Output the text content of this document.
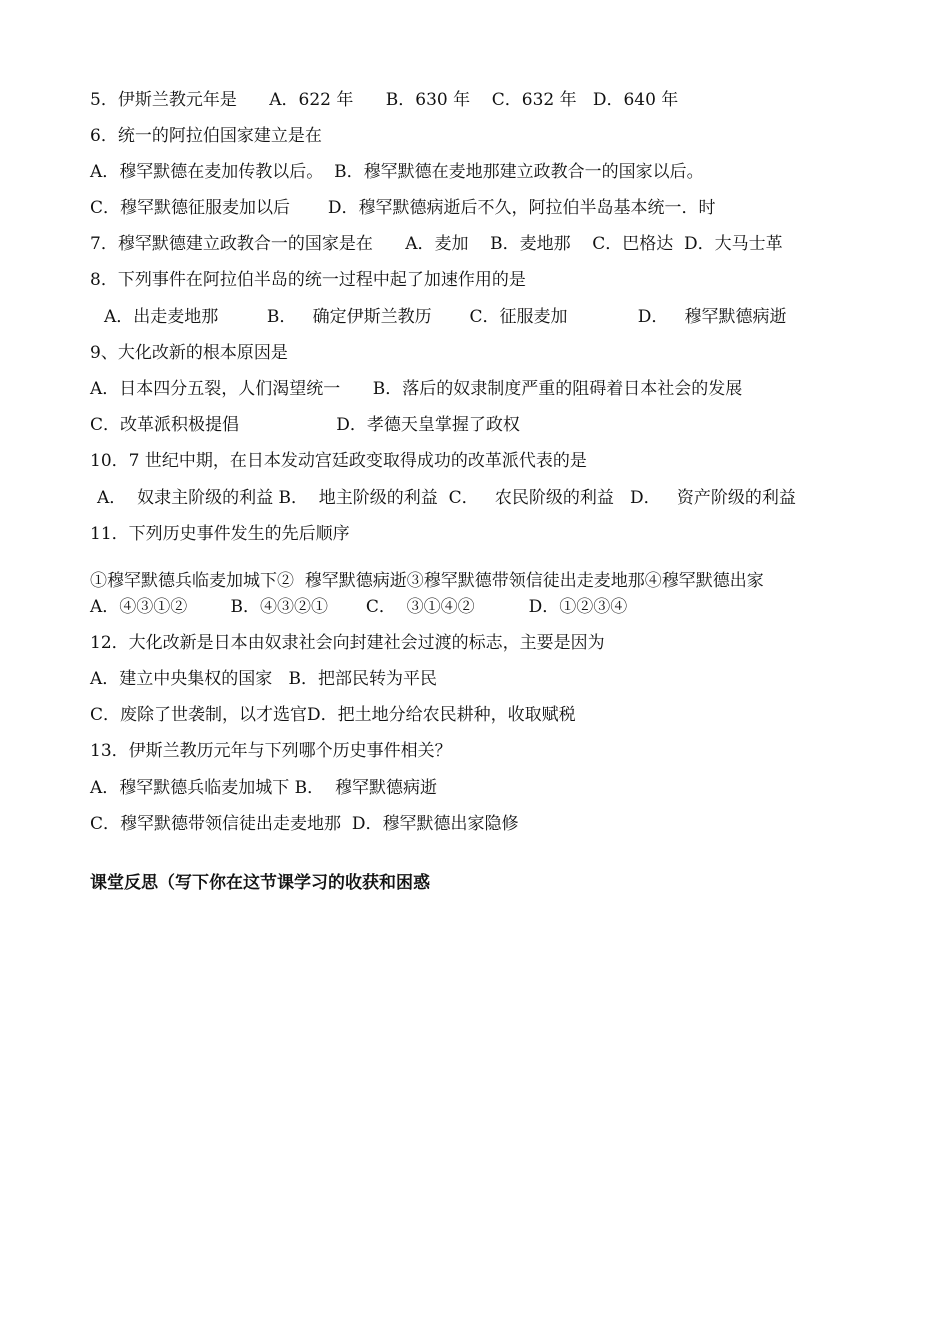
5．伊斯兰教元年是      A．622 年      B．630 年    C．632 年   D．640 年
6．统一的阿拉伯国家建立是在
A．穆罕默德在麦加传教以后。  B．穆罕默德在麦地那建立政教合一的国家以后。
C．穆罕默德征服麦加以后       D．穆罕默德病逝后不久，阿拉伯半岛基本统一．时
7．穆罕默德建立政教合一的国家是在      A．麦加    B．麦地那    C．巴格达  D．大马士革
8．下列事件在阿拉伯半岛的统一过程中起了加速作用的是
A．出走麦地那         B．   确定伊斯兰教历       C．征服麦加             D．   穆罕默德病逝
9、大化改新的根本原因是
A．日本四分五裂，人们渴望统一      B．落后的奴隶制度严重的阻碍着日本社会的发展
C．改革派积极提倡                  D．孝德天皇掌握了政权
10．7 世纪中期，在日本发动宫廷政变取得成功的改革派代表的是
A．  奴隶主阶级的利益 B．  地主阶级的利益  C．   农民阶级的利益   D．   资产阶级的利益
11．下列历史事件发生的先后顺序
①穆罕默德兵临麦加城下②  穆罕默德病逝③穆罕默德带领信徒出走麦地那④穆罕默德出家
A．④③①②        B．④③②①       C．  ③①④②          D．①②③④
12．大化改新是日本由奴隶社会向封建社会过渡的标志，主要是因为
A．建立中央集权的国家   B．把部民转为平民
C．废除了世袭制，以才选官D．把土地分给农民耕种，收取赋税
13．伊斯兰教历元年与下列哪个历史事件相关？
A．穆罕默德兵临麦加城下 B．  穆罕默德病逝
C．穆罕默德带领信徒出走麦地那  D．穆罕默德出家隐修
课堂反思（写下你在这节课学习的收获和困惑
